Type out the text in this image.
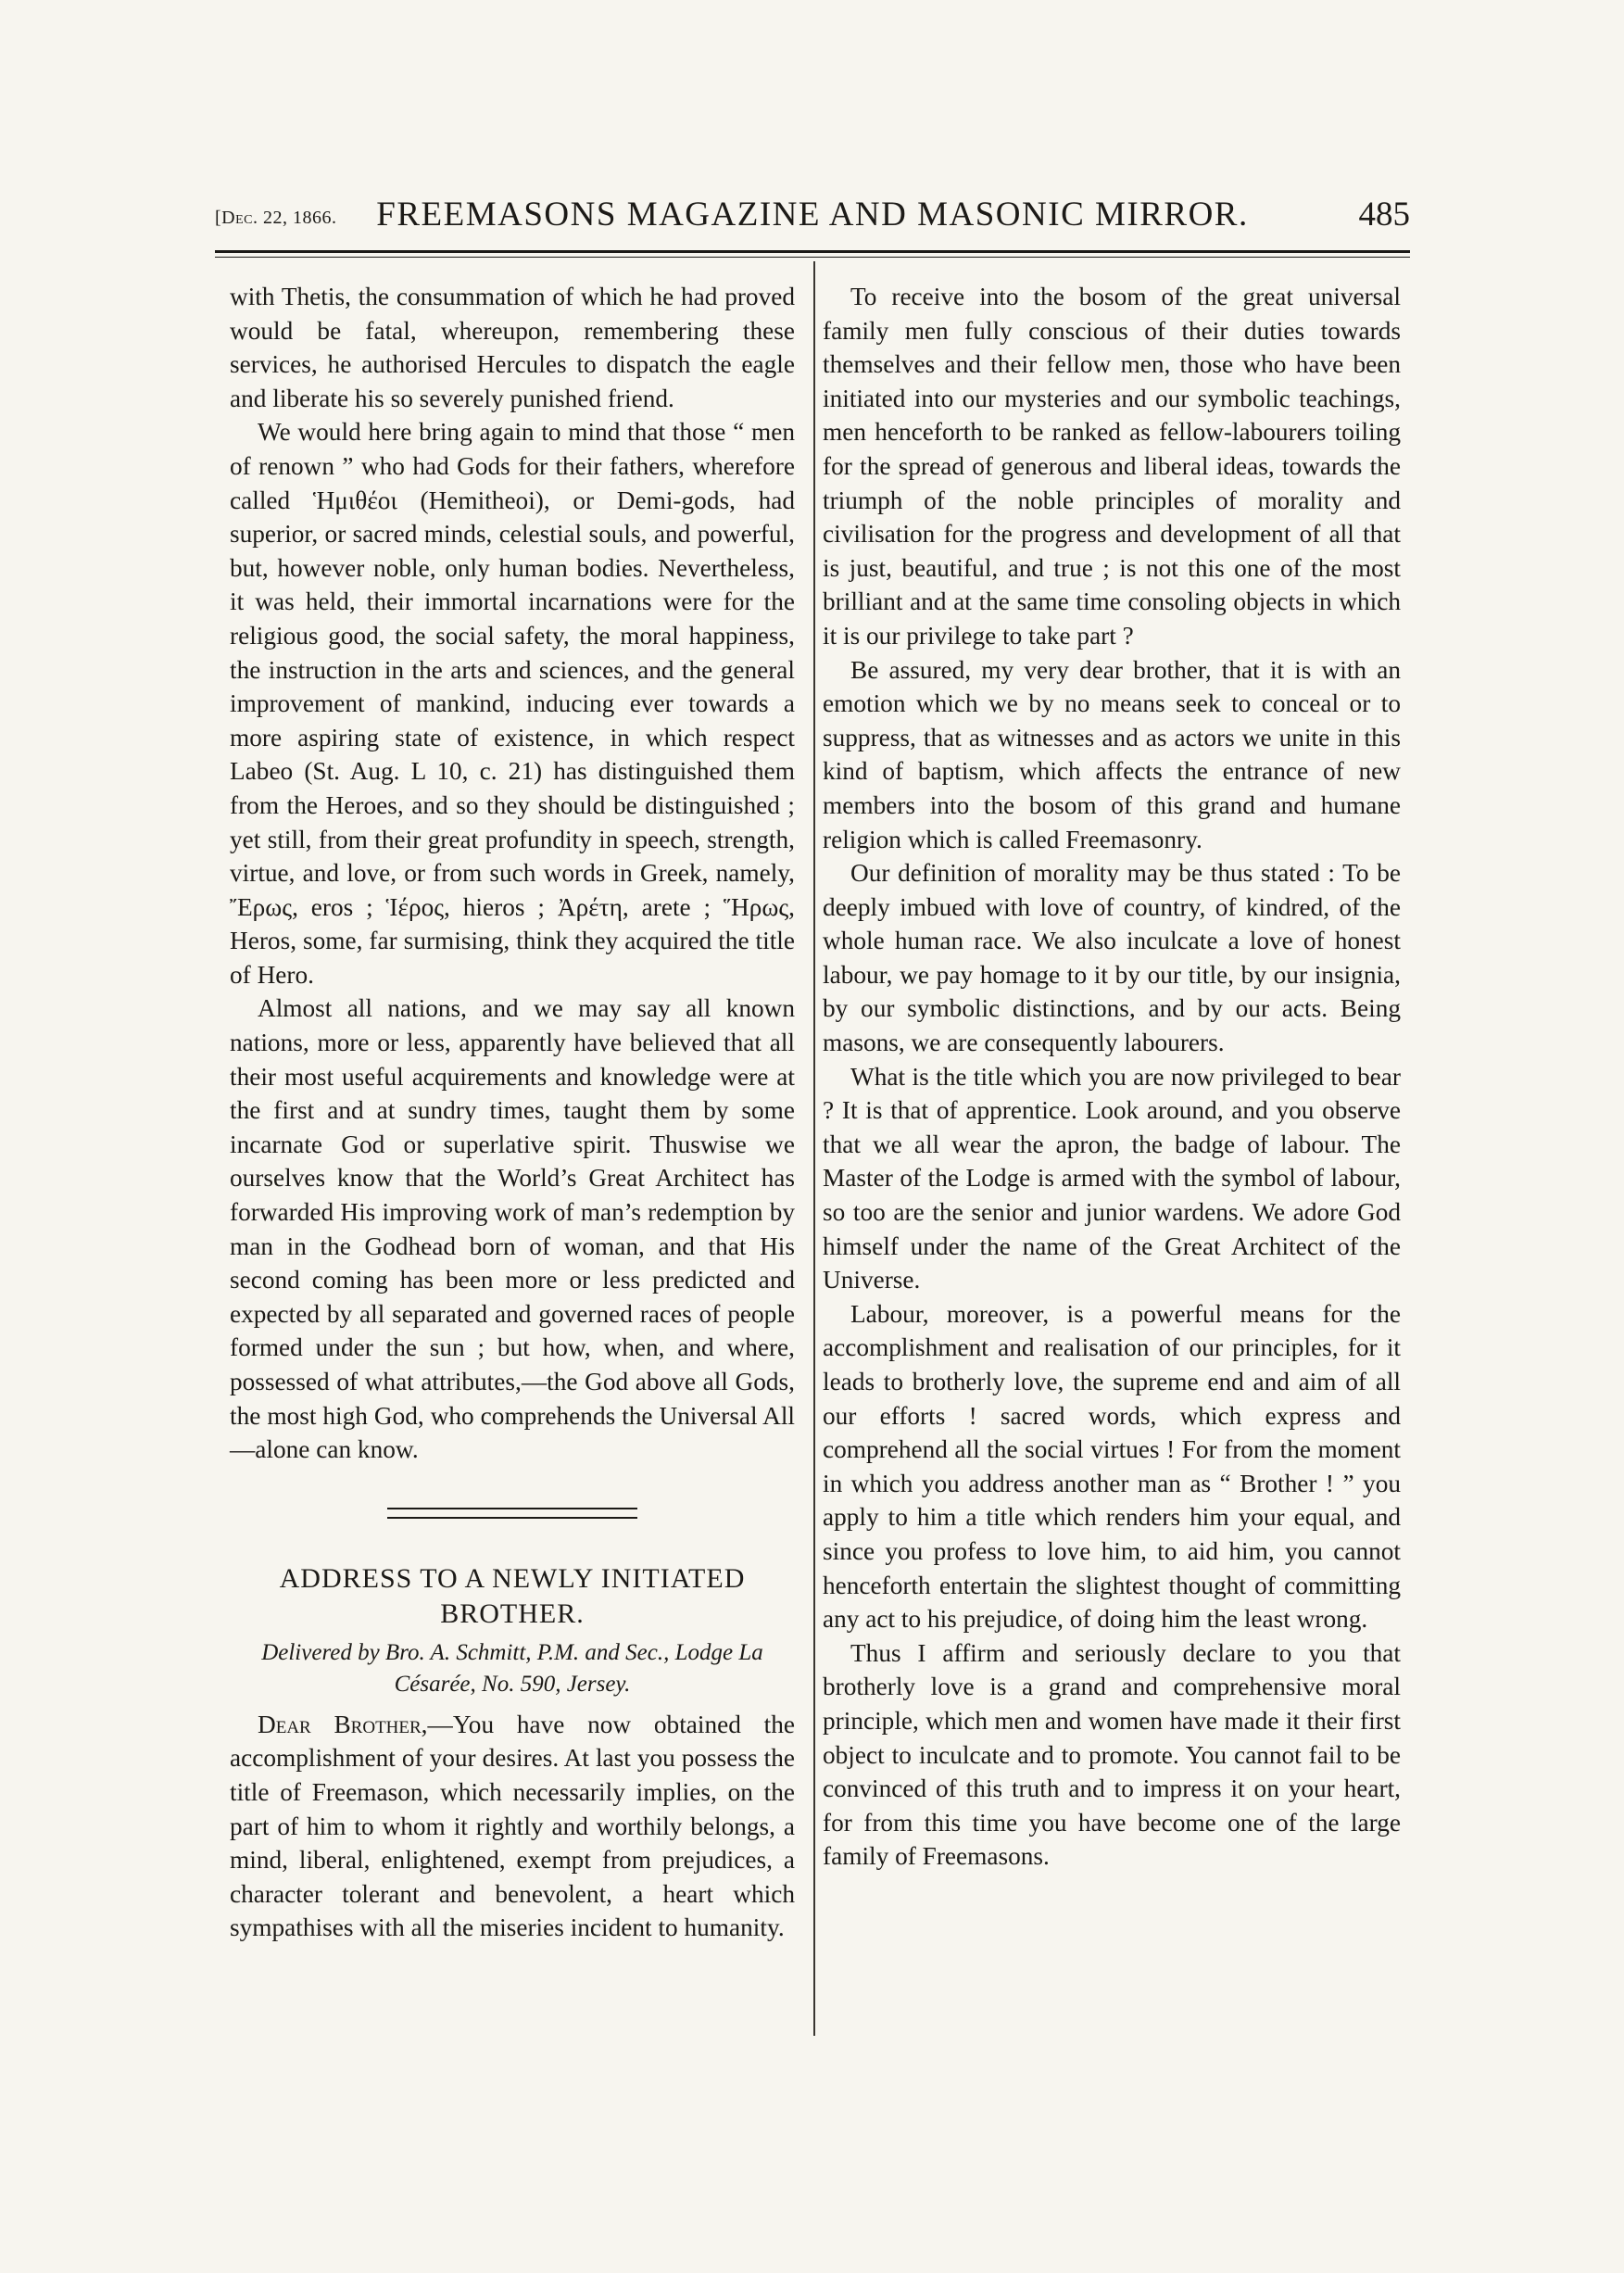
[Dec. 22, 1866.	FREEMASONS MAGAZINE AND MASONIC MIRROR.	485

with Thetis, the consummation of which he had proved would be fatal, whereupon, remembering these services, he authorised Hercules to dispatch the eagle and liberate his so severely punished friend.

We would here bring again to mind that those “ men of renown ” who had Gods for their fathers, wherefore called Ἡμιθέοι (Hemitheoi), or Demi-gods, had superior, or sacred minds, celestial souls, and powerful, but, however noble, only human bodies. Nevertheless, it was held, their immortal incarnations were for the religious good, the social safety, the moral happiness, the instruction in the arts and sciences, and the general improvement of mankind, inducing ever towards a more aspiring state of existence, in which respect Labeo (St. Aug. L 10, c. 21) has distinguished them from the Heroes, and so they should be distinguished ; yet still, from their great profundity in speech, strength, virtue, and love, or from such words in Greek, namely, Ἔρως, eros ; Ἱέρος, hieros ; Ἀρέτη, arete ; Ἥρως, Heros, some, far surmising, think they acquired the title of Hero.

Almost all nations, and we may say all known nations, more or less, apparently have believed that all their most useful acquirements and knowledge were at the first and at sundry times, taught them by some incarnate God or superlative spirit. Thuswise we ourselves know that the World’s Great Architect has forwarded His improving work of man’s redemption by man in the Godhead born of woman, and that His second coming has been more or less predicted and expected by all separated and governed races of people formed under the sun ; but how, when, and where, possessed of what attributes,—the God above all Gods, the most high God, who comprehends the Universal All—alone can know.

ADDRESS TO A NEWLY INITIATED BROTHER.
Delivered by Bro. A. Schmitt, P.M. and Sec., Lodge La Césarée, No. 590, Jersey.

Dear Brother,—You have now obtained the accomplishment of your desires. At last you possess the title of Freemason, which necessarily implies, on the part of him to whom it rightly and worthily belongs, a mind, liberal, enlightened, exempt from prejudices, a character tolerant and benevolent, a heart which sympathises with all the miseries incident to humanity.

To receive into the bosom of the great universal family men fully conscious of their duties towards themselves and their fellow men, those who have been initiated into our mysteries and our symbolic teachings, men henceforth to be ranked as fellow-labourers toiling for the spread of generous and liberal ideas, towards the triumph of the noble principles of morality and civilisation for the progress and development of all that is just, beautiful, and true ; is not this one of the most brilliant and at the same time consoling objects in which it is our privilege to take part ?

Be assured, my very dear brother, that it is with an emotion which we by no means seek to conceal or to suppress, that as witnesses and as actors we unite in this kind of baptism, which affects the entrance of new members into the bosom of this grand and humane religion which is called Freemasonry.

Our definition of morality may be thus stated : To be deeply imbued with love of country, of kindred, of the whole human race. We also inculcate a love of honest labour, we pay homage to it by our title, by our insignia, by our symbolic distinctions, and by our acts. Being masons, we are consequently labourers.

What is the title which you are now privileged to bear ? It is that of apprentice. Look around, and you observe that we all wear the apron, the badge of labour. The Master of the Lodge is armed with the symbol of labour, so too are the senior and junior wardens. We adore God himself under the name of the Great Architect of the Universe.

Labour, moreover, is a powerful means for the accomplishment and realisation of our principles, for it leads to brotherly love, the supreme end and aim of all our efforts ! sacred words, which express and comprehend all the social virtues ! For from the moment in which you address another man as “ Brother ! ” you apply to him a title which renders him your equal, and since you profess to love him, to aid him, you cannot henceforth entertain the slightest thought of committing any act to his prejudice, of doing him the least wrong.

Thus I affirm and seriously declare to you that brotherly love is a grand and comprehensive moral principle, which men and women have made it their first object to inculcate and to promote. You cannot fail to be convinced of this truth and to impress it on your heart, for from this time you have become one of the large family of Freemasons.
